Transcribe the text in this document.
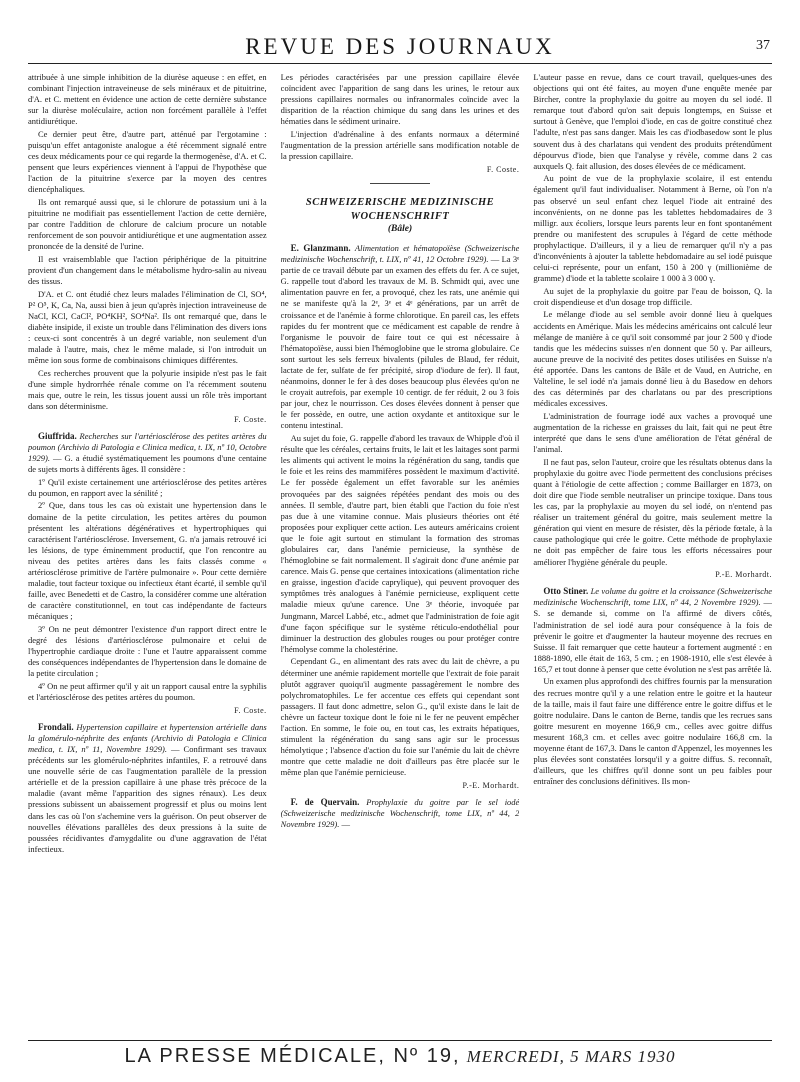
REVUE DES JOURNAUX	37

attribuée à une simple inhibition de la diurèse aqueuse : en effet, en combinant l'injection intraveineuse de sels minéraux et de pituitrine, d'A. et C. mettent en évidence une action de cette dernière substance sur la diurèse moléculaire, action non forcément parallèle à l'effet antidiurétique.

Ce dernier peut être, d'autre part, atténué par l'ergotamine : puisqu'un effet antagoniste analogue a été récemment signalé entre ces deux médicaments pour ce qui regarde la thermogenèse, d'A. et C. pensent que leurs expériences viennent à l'appui de l'hypothèse que l'action de la pituitrine s'exerce par la moyen des centres diencéphaliques.

Ils ont remarqué aussi que, si le chlorure de potassium uni à la pituitrine ne modifiait pas essentiellement l'action de cette dernière, par contre l'addition de chlorure de calcium procure un notable renforcement de son pouvoir antidiurétique et une augmentation assez prononcée de la densité de l'urine.

Il est vraisemblable que l'action périphérique de la pituitrine provient d'un changement dans le métabolisme hydro-salin au niveau des tissus.

D'A. et C. ont étudié chez leurs malades l'élimination de Cl, SO⁴, P² O⁵, K, Ca, Na, aussi bien à jeun qu'après injection intraveineuse de NaCl, KCl, CaCl², PO⁴KH², SO⁴Na². Ils ont remarqué que, dans le diabète insipide, il existe un trouble dans l'élimination des divers ions : ceux-ci sont concentrés à un degré variable, non seulement d'un malade à l'autre, mais, chez le même malade, si l'on introduit un même ion sous forme de combinaisons chimiques différentes.

Ces recherches prouvent que la polyurie insipide n'est pas le fait d'une simple hydrorrhée rénale comme on l'a récemment soutenu mais que, outre le rein, les tissus jouent aussi un rôle très important dans son déterminisme.

F. Coste.

Giuffrida. Recherches sur l'artériosclérose des petites artères du poumon (Archivio di Patologia e Clinica medica, t. IX, nº 10, Octobre 1929). — G. a étudié systématiquement les poumons d'une centaine de sujets morts à différents âges. Il considère :

1º Qu'il existe certainement une artériosclérose des petites artères du poumon, en rapport avec la sénilité ;

2º Que, dans tous les cas où existait une hypertension dans le domaine de la petite circulation, les petites artères du poumon présentent les altérations dégénératives et hypertrophiques qui caractérisent l'artériosclérose. Inversement, G. n'a jamais retrouvé ici les lésions, de type éminemment productif, que l'on rencontre au niveau des petites artères dans les faits classés comme « artériosclérose primitive de l'artère pulmonaire ». Pour cette dernière maladie, tout facteur toxique ou infectieux étant écarté, il semble qu'il faille, avec Benedetti et de Castro, la considérer comme une altération de caractère constitutionnel, en tout cas indépendante de facteurs mécaniques ;

3º On ne peut démontrer l'existence d'un rapport direct entre le degré des lésions d'artériosclérose pulmonaire et celui de l'hypertrophie cardiaque droite : l'une et l'autre apparaissent comme des conséquences indépendantes de l'hypertension dans le domaine de la petite circulation ;

4º On ne peut affirmer qu'il y ait un rapport causal entre la syphilis et l'artériosclérose des petites artères du poumon.

F. Coste.

Frondali. Hypertension capillaire et hypertension artérielle dans la glomérulo-néphrite des enfants (Archivio di Patologia e Clinica medica, t. IX, nº 11, Novembre 1929). — Confirmant ses travaux précédents sur les glomérulo-néphrites infantiles, F. a retrouvé dans une nouvelle série de cas l'augmentation parallèle de la pression artérielle et de la pression capillaire à une phase très précoce de la maladie (avant même l'apparition des signes rénaux). Les deux pressions subissent un abaissement progressif et plus ou moins lent dans les cas où l'on s'achemine vers la guérison. On peut observer de nouvelles élévations parallèles des deux pressions à la suite de poussées récidivantes d'amygdalite ou d'une aggravation de l'état infectieux.

Les périodes caractérisées par une pression capillaire élevée coïncident avec l'apparition de sang dans les urines, le retour aux pressions capillaires normales ou infranormales coïncide avec la disparition de la réaction chimique du sang dans les urines et des hématies dans le sédiment urinaire.

L'injection d'adrénaline à des enfants normaux a déterminé l'augmentation de la pression artérielle sans modification notable de la pression capillaire.

F. Coste.
SCHWEIZERISCHE MEDIZINISCHE WOCHENSCHRIFT
(Bâle)

E. Glanzmann. Alimentation et hématopoïèse (Schweizerische medizinische Wochenschrift, t. LIX, nº 41, 12 Octobre 1929). — La 3ᵉ partie de ce travail débute par un examen des effets du fer. A ce sujet, G. rappelle tout d'abord les travaux de M. B. Schmidt qui, avec une alimentation pauvre en fer, a provoqué, chez les rats, une anémie qui ne se manifeste qu'à la 2ᵉ, 3ᵉ et 4ᵉ générations, par un arrêt de croissance et de l'anémie à forme chlorotique. En pareil cas, les effets rapides du fer montrent que ce médicament est capable de rendre à l'organisme le pouvoir de faire tout ce qui est nécessaire à l'hématopoïèse, aussi bien l'hémoglobine que le stroma globulaire. Ce sont surtout les sels ferreux bivalents (pilules de Blaud, fer réduit, lactate de fer, sulfate de fer précipité, sirop d'iodure de fer). Il faut, néanmoins, donner le fer à des doses beaucoup plus élevées qu'on ne le croyait autrefois, par exemple 10 centigr. de fer réduit, 2 ou 3 fois par jour, chez le nourrisson. Ces doses élevées donnent à penser que le fer possède, en outre, une action oxydante et antitoxique sur le contenu intestinal.

Au sujet du foie, G. rappelle d'abord les travaux de Whipple d'où il résulte que les céréales, certains fruits, le lait et les laitages sont parmi les aliments qui activent le moins la régénération du sang, tandis que le foie et les reins des mammifères possèdent le maximum d'activité. Le fer possède également un effet favorable sur les anémies provoquées par des saignées répétées pendant des mois ou des années. Il semble, d'autre part, bien établi que l'action du foie n'est pas due à une vitamine connue. Mais plusieurs théories ont été proposées pour expliquer cette action. Les auteurs américains croient que le foie agit surtout en stimulant la formation des stromas globulaires car, dans l'anémie pernicieuse, la synthèse de l'hémoglobine se fait normalement. Il s'agirait donc d'une anémie par carence. Mais G. pense que certaines intoxications (alimentation riche en graisse, ingestion d'acide caprylique), qui peuvent provoquer des symptômes très analogues à l'anémie pernicieuse, expliquent cette maladie mieux qu'une carence. Une 3ᵉ théorie, invoquée par Jungmann, Marcel Labbé, etc., admet que l'administration de foie agit d'une façon spécifique sur le système réticulo-endothélial pour diminuer la destruction des globules rouges ou pour protéger contre l'hémolyse comme la cholestérine.

Cependant G., en alimentant des rats avec du lait de chèvre, a pu déterminer une anémie rapidement mortelle que l'extrait de foie parait plutôt aggraver quoiqu'il augmente passagèrement le nombre des polychromatophiles. Le fer accentue ces effets qui cependant sont passagers. Il faut donc admettre, selon G., qu'il existe dans le lait de chèvre un facteur toxique dont le foie ni le fer ne peuvent empêcher l'action. En somme, le foie ou, en tout cas, les extraits hépatiques, stimulent la régénération du sang sans agir sur le processus hémolytique ; l'absence d'action du foie sur l'anémie du lait de chèvre montre que cette maladie ne doit d'ailleurs pas être placée sur le même plan que l'anémie pernicieuse.

P.-E. Morhardt.

F. de Quervain. Prophylaxie du goitre par le sel iodé (Schweizerische medizinische Wochenschrift, tome LIX, nº 44, 2 Novembre 1929). —

L'auteur passe en revue, dans ce court travail, quelques-unes des objections qui ont été faites, au moyen d'une enquête menée par Bircher, contre la prophylaxie du goitre au moyen du sel iodé. Il remarque tout d'abord qu'on sait depuis longtemps, en Suisse et surtout à Genève, que l'emploi d'iode, en cas de goitre constitué chez l'adulte, n'est pas sans danger. Mais les cas d'iodbasedow sont le plus souvent dus à des charlatans qui vendent des produits prétendûment dépourvus d'iode, bien que l'analyse y révèle, comme dans 2 cas auxquels Q. fait allusion, des doses élevées de ce médicament.

Au point de vue de la prophylaxie scolaire, il est entendu également qu'il faut individualiser. Notamment à Berne, où l'on n'a pas observé un seul enfant chez lequel l'iode ait entrainé des inconvénients, on ne donne pas les tablettes hebdomadaires de 3 milligr. aux écoliers, lorsque leurs parents leur en font spontanément prendre ou manifestent des scrupules à l'égard de cette méthode prophylactique. D'ailleurs, il y a lieu de remarquer qu'il n'y a pas d'inconvénients à ajouter la tablette hebdomadaire au sel iodé puisque celui-ci représente, pour un enfant, 150 à 200 γ (millionième de gramme) d'iode et la tablette scolaire 1 000 à 3 000 γ.

Au sujet de la prophylaxie du goitre par l'eau de boisson, Q. la croit dispendieuse et d'un dosage trop difficile.

Le mélange d'iode au sel semble avoir donné lieu à quelques accidents en Amérique. Mais les médecins américains ont calculé leur mélange de manière à ce qu'il soit consommé par jour 2 500 γ d'iode tandis que les médecins suisses n'en donnent que 50 γ. Par ailleurs, aucune preuve de la nocivité des petites doses utilisées en Suisse n'a été apportée. Dans les cantons de Bâle et de Vaud, en Autriche, en Valteline, le sel iodé n'a jamais donné lieu à du Basedow en dehors des cas déterminés par des charlatans ou par des prescriptions médicales excessives.

L'administration de fourrage iodé aux vaches a provoqué une augmentation de la richesse en graisses du lait, fait qui ne peut être interprété que dans le sens d'une amélioration de l'état général de l'animal.

Il ne faut pas, selon l'auteur, croire que les résultats obtenus dans la prophylaxie du goitre avec l'iode permettent des conclusions précises quant à l'étiologie de cette affection ; comme Baillarger en 1873, on doit dire que l'iode semble neutraliser un principe toxique. Dans tous les cas, par la prophylaxie au moyen du sel iodé, on n'entend pas réaliser un traitement général du goitre, mais seulement mettre la génération qui vient en mesure de résister, dès la période fœtale, à la cause pathologique qui crée le goitre. Cette méthode de prophylaxie ne doit pas empêcher de faire tous les efforts nécessaires pour améliorer l'hygiène générale du peuple.

P.-E. Morhardt.

Otto Stiner. Le volume du goitre et la croissance (Schweizerische medizinische Wochenschrift, tome LIX, nº 44, 2 Novembre 1929). — S. se demande si, comme on l'a affirmé de divers côtés, l'administration de sel iodé aura pour conséquence à la fois de prévenir le goitre et d'augmenter la hauteur moyenne des recrues en Suisse. Il fait remarquer que cette hauteur a fortement augmenté : en 1888-1890, elle était de 163, 5 cm. ; en 1908-1910, elle s'est élevée à 165,7 et tout donne à penser que cette évolution ne s'est pas arrêtée là.

Un examen plus approfondi des chiffres fournis par la mensuration des recrues montre qu'il y a une relation entre le goitre et la hauteur de la taille, mais il faut faire une différence entre le goitre diffus et le goitre nodulaire. Dans le canton de Berne, tandis que les recrues sans goitre mesurent en moyenne 166,9 cm., celles avec goitre diffus mesurent 168,3 cm. et celles avec goitre nodulaire 166,8 cm. la moyenne étant de 167,3. Dans le canton d'Appenzel, les moyennes les plus élevées sont constatées lorsqu'il y a goitre diffus. S. reconnaît, d'ailleurs, que les chiffres qu'il donne sont un peu faibles pour entraîner des conclusions définitives. Ils mon-

LA PRESSE MÉDICALE, Nº 19, MERCREDI, 5 MARS 1930
